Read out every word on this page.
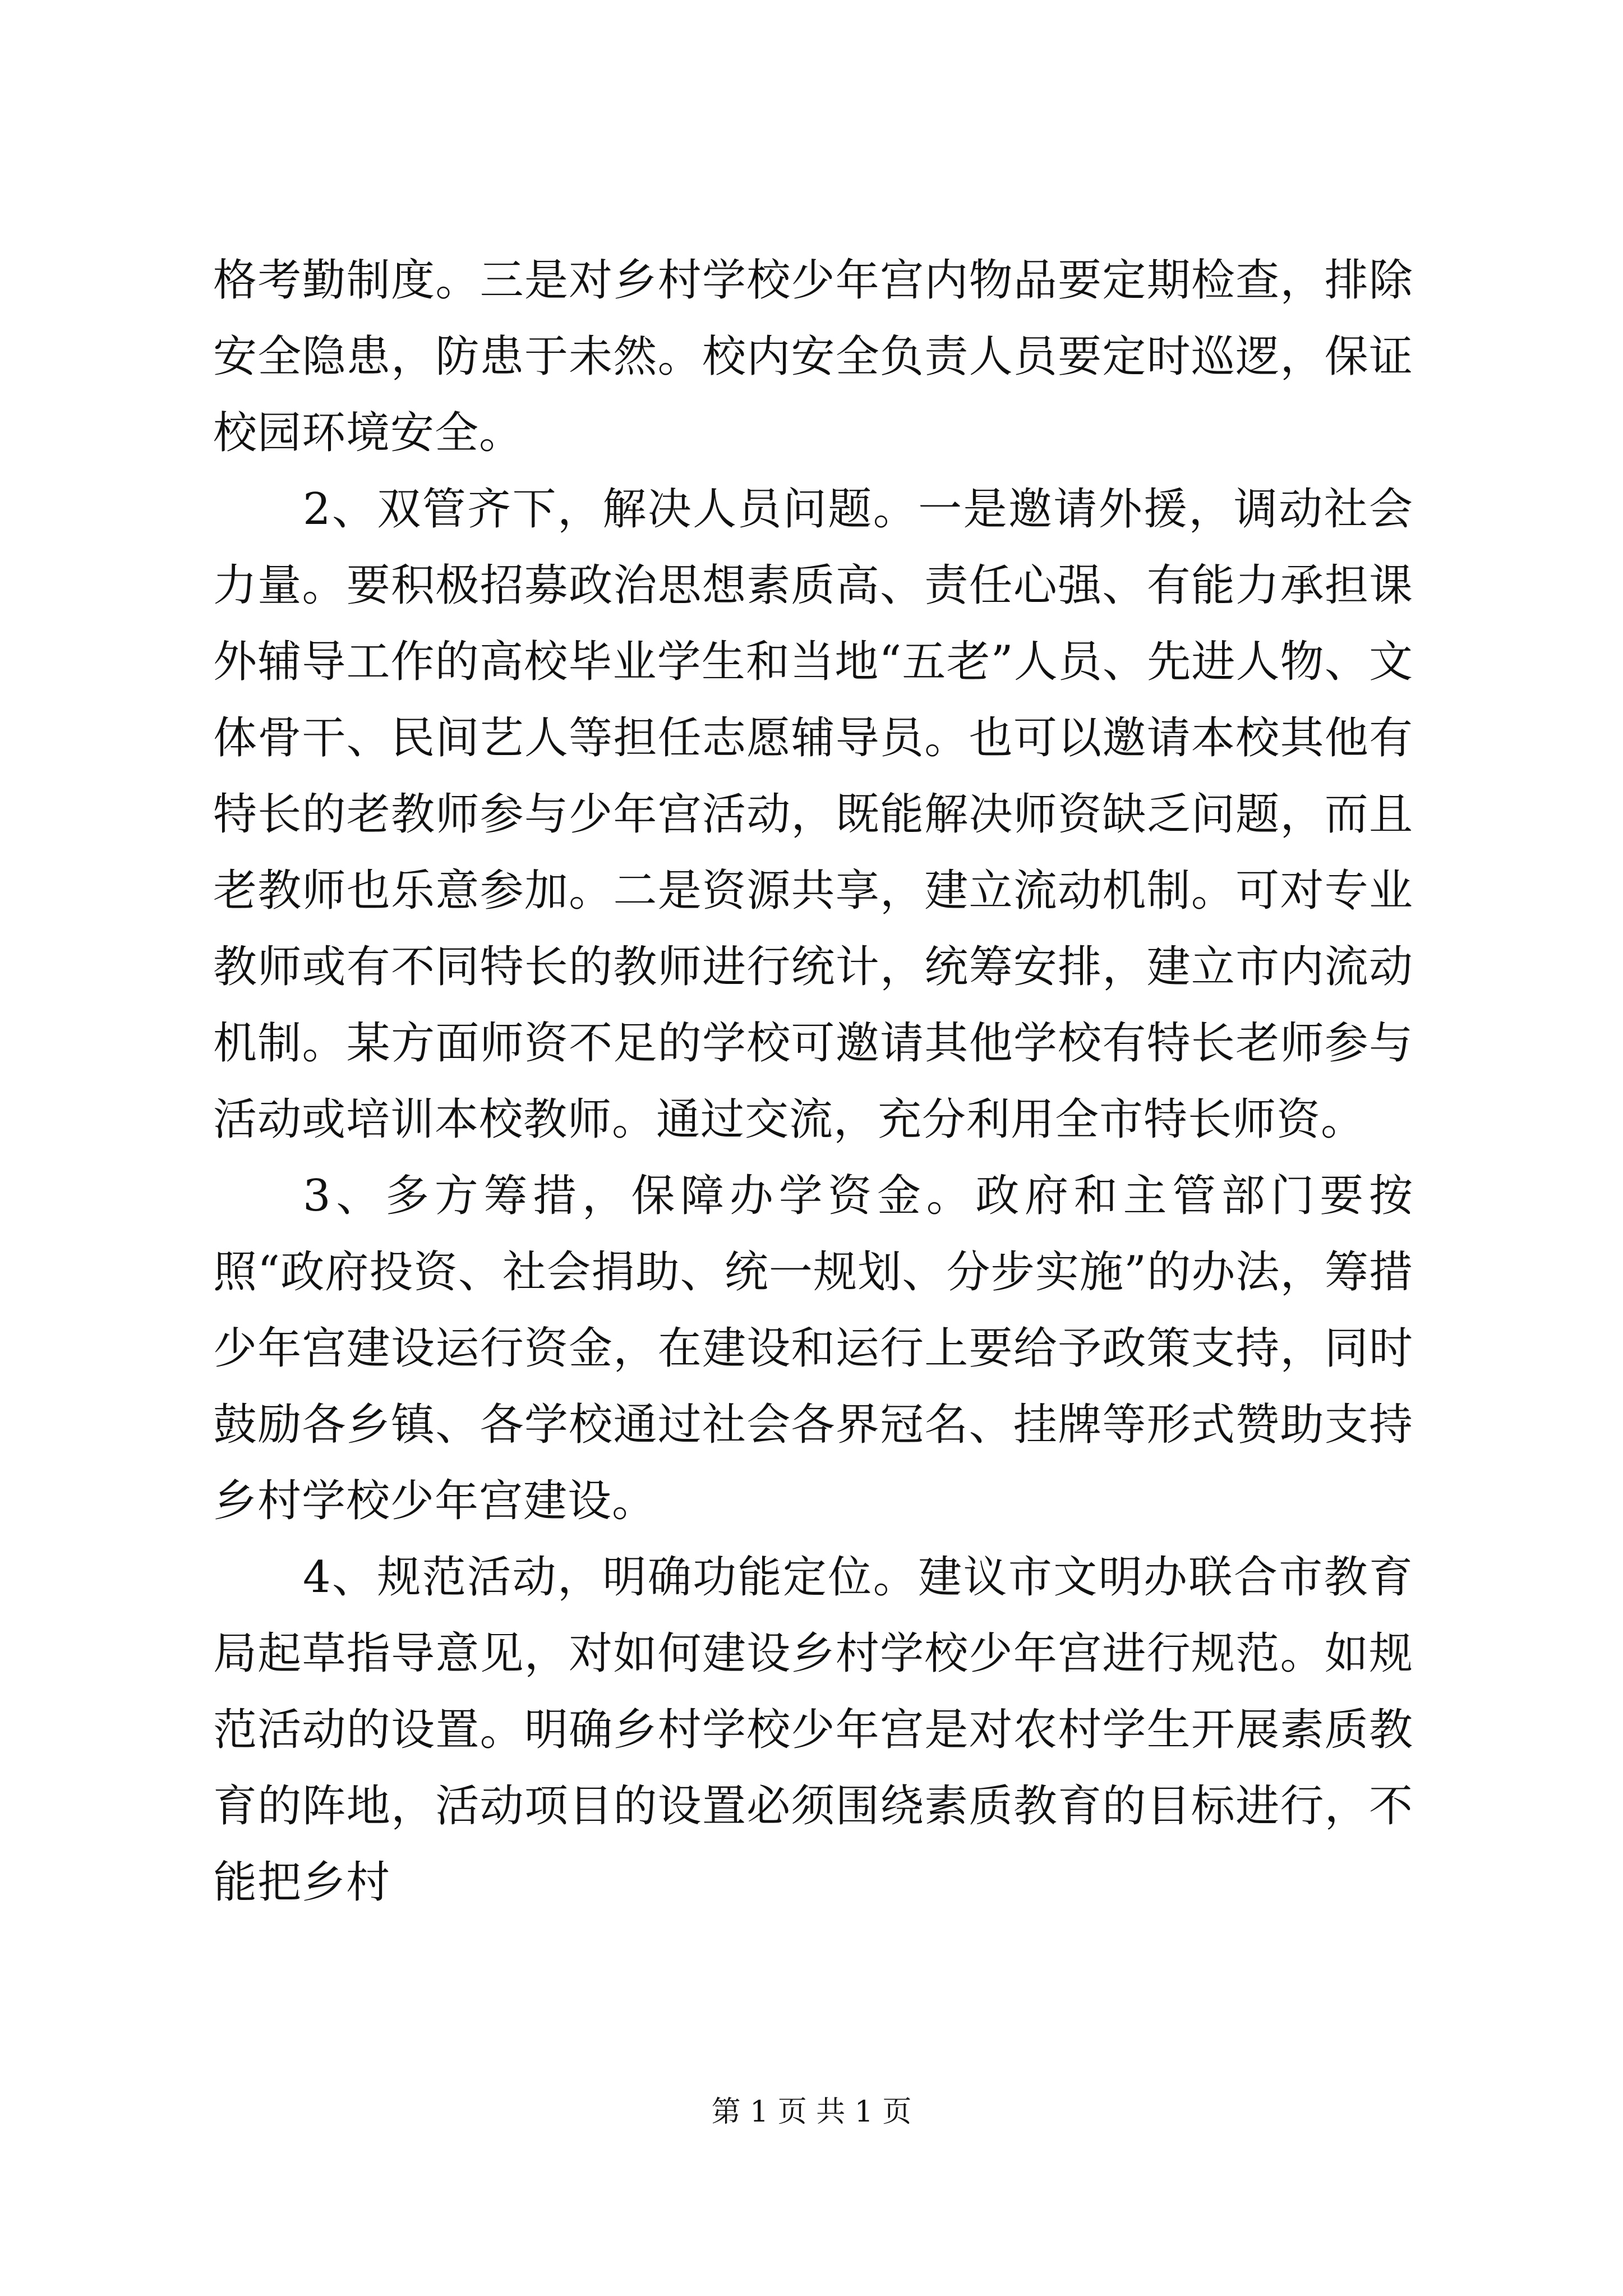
格考勤制度。三是对乡村学校少年宫内物品要定期检查，排除安全隐患，防患于未然。校内安全负责人员要定时巡逻，保证校园环境安全。

2、双管齐下，解决人员问题。一是邀请外援，调动社会力量。要积极招募政治思想素质高、责任心强、有能力承担课外辅导工作的高校毕业学生和当地“五老”人员、先进人物、文体骨干、民间艺人等担任志愿辅导员。也可以邀请本校其他有特长的老教师参与少年宫活动，既能解决师资缺乏问题，而且老教师也乐意参加。二是资源共享，建立流动机制。可对专业教师或有不同特长的教师进行统计，统筹安排，建立市内流动机制。某方面师资不足的学校可邀请其他学校有特长老师参与活动或培训本校教师。通过交流，充分利用全市特长师资。

3、多方筹措，保障办学资金。政府和主管部门要按照“政府投资、社会捐助、统一规划、分步实施”的办法，筹措少年宫建设运行资金，在建设和运行上要给予政策支持，同时鼓励各乡镇、各学校通过社会各界冠名、挂牌等形式赞助支持乡村学校少年宫建设。

4、规范活动，明确功能定位。建议市文明办联合市教育局起草指导意见，对如何建设乡村学校少年宫进行规范。如规范活动的设置。明确乡村学校少年宫是对农村学生开展素质教育的阵地，活动项目的设置必须围绕素质教育的目标进行，不能把乡村

第 1 页 共 1 页
